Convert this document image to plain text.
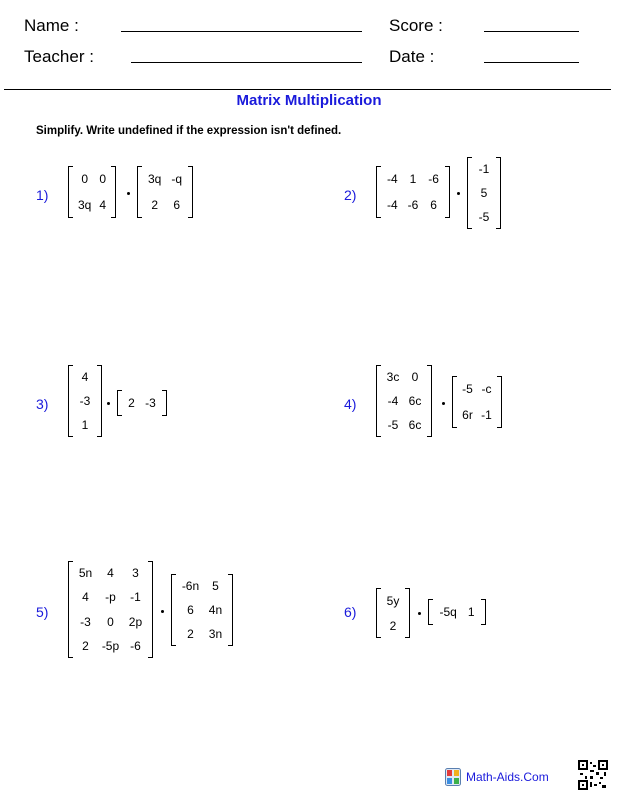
Name :
Teacher :
Score :
Date :
Matrix Multiplication
Simplify. Write undefined if the expression isn't defined.
1)
0 0
3q 4
3q -q
2 6
2)
-4 1 -6
-4 -6 6
-1
5
-5
3)
4
-3
1
2 -3	4)
3c 0
-4 6c
-5 6c
-5 -c
6r -1
5)
5n 4 3
4 -p -1
-3 0 2p
2 -5p -6
-6n 5
6 4n
2 3n
6)
5y
2
-5q 1
Math-Aids.Com
